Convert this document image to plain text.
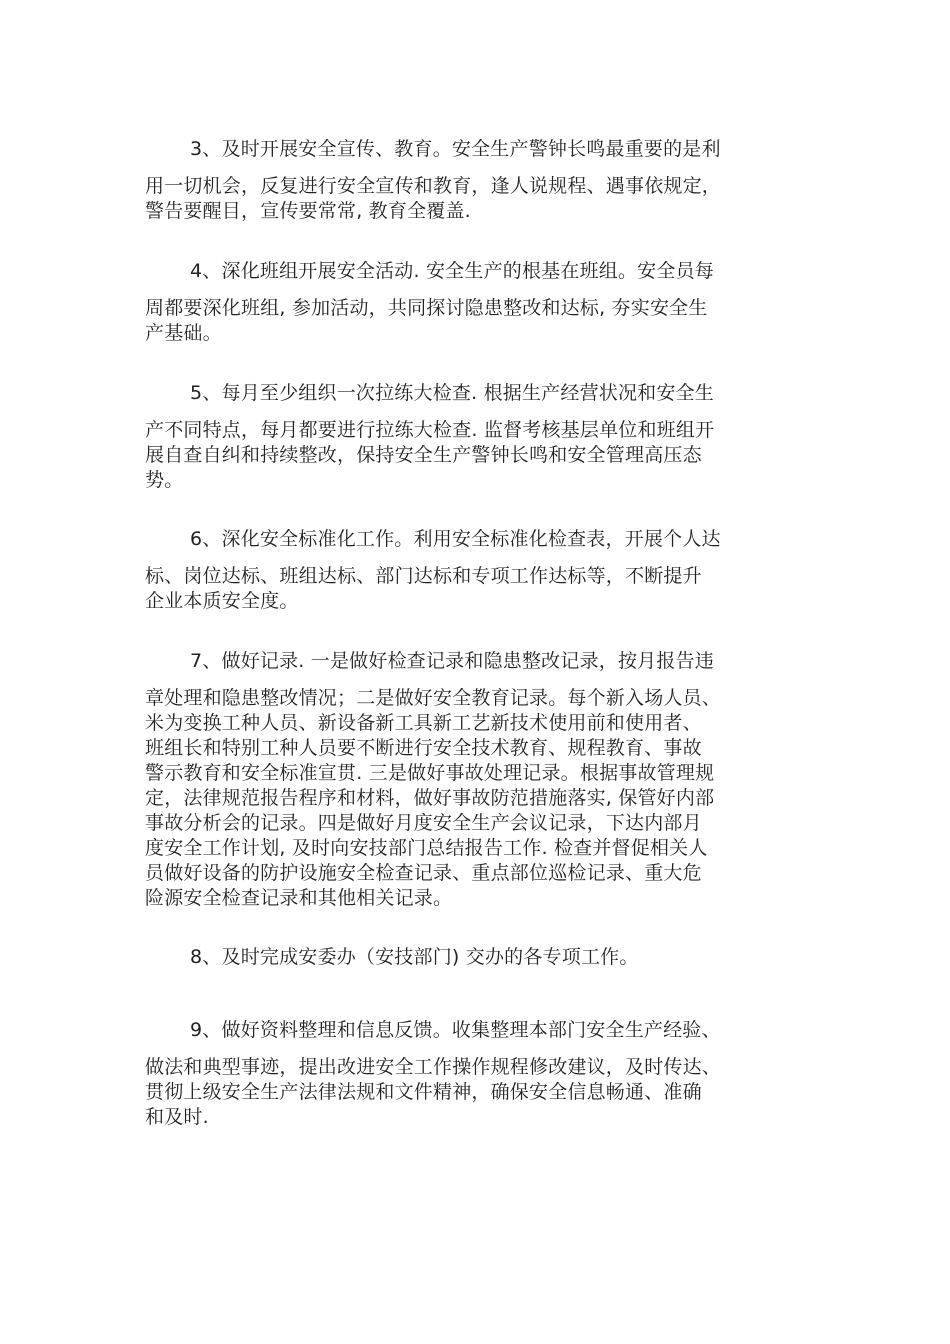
3、及时开展安全宣传、教育。安全生产警钟长鸣最重要的是利
用一切机会，反复进行安全宣传和教育，逢人说规程、遇事依规定，
警告要醒目，宣传要常常, 教育全覆盖.

4、深化班组开展安全活动. 安全生产的根基在班组。安全员每
周都要深化班组, 参加活动，共同探讨隐患整改和达标, 夯实安全生
产基础。

5、每月至少组织一次拉练大检查. 根据生产经营状况和安全生
产不同特点，每月都要进行拉练大检查. 监督考核基层单位和班组开
展自查自纠和持续整改，保持安全生产警钟长鸣和安全管理高压态
势。

6、深化安全标准化工作。利用安全标准化检查表，开展个人达
标、岗位达标、班组达标、部门达标和专项工作达标等，不断提升
企业本质安全度。

7、做好记录. 一是做好检查记录和隐患整改记录，按月报告违
章处理和隐患整改情况；二是做好安全教育记录。每个新入场人员、
米为变换工种人员、新设备新工具新工艺新技术使用前和使用者、
班组长和特别工种人员要不断进行安全技术教育、规程教育、事故
警示教育和安全标准宣贯. 三是做好事故处理记录。根据事故管理规
定，法律规范报告程序和材料，做好事故防范措施落实, 保管好内部
事故分析会的记录。四是做好月度安全生产会议记录，下达内部月
度安全工作计划, 及时向安技部门总结报告工作. 检查并督促相关人
员做好设备的防护设施安全检查记录、重点部位巡检记录、重大危
险源安全检查记录和其他相关记录。

8、及时完成安委办（安技部门) 交办的各专项工作。

9、做好资料整理和信息反馈。收集整理本部门安全生产经验、
做法和典型事迹，提出改进安全工作操作规程修改建议，及时传达、
贯彻上级安全生产法律法规和文件精神，确保安全信息畅通、准确
和及时.
